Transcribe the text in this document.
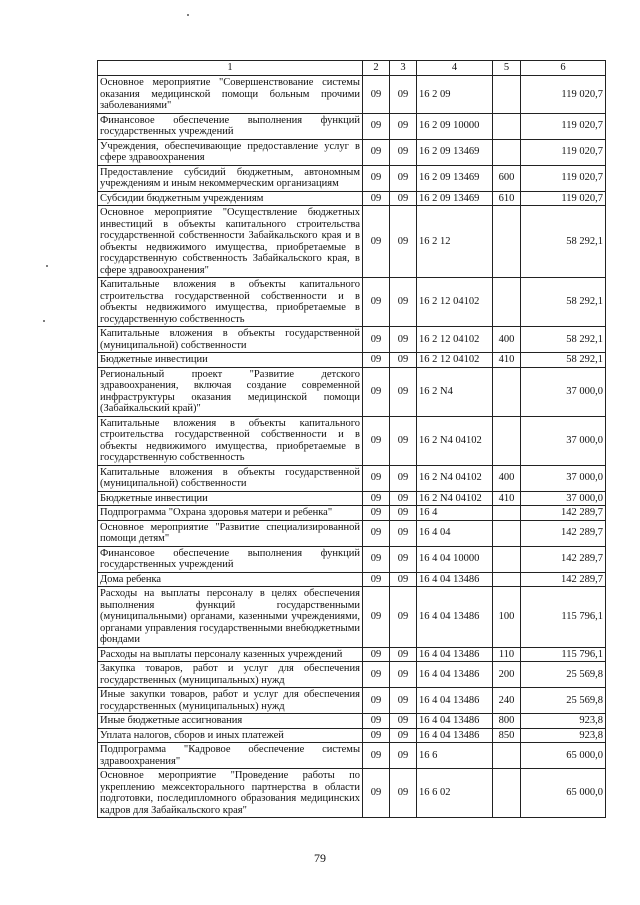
1	2	3	4	5	6
Основное мероприятие "Совершенствование системы оказания медицинской помощи больным прочими заболеваниями"	09	09	16 2 09		119 020,7
Финансовое обеспечение выполнения функций государственных учреждений	09	09	16 2 09 10000		119 020,7
Учреждения, обеспечивающие предоставление услуг в сфере здравоохранения	09	09	16 2 09 13469		119 020,7
Предоставление субсидий бюджетным, автономным учреждениям и иным некоммерческим организациям	09	09	16 2 09 13469	600	119 020,7
Субсидии бюджетным учреждениям	09	09	16 2 09 13469	610	119 020,7
Основное мероприятие "Осуществление бюджетных инвестиций в объекты капитального строительства государственной собственности Забайкальского края и в объекты недвижимого имущества, приобретаемые в государственную собственность Забайкальского края, в сфере здравоохранения"	09	09	16 2 12		58 292,1
Капитальные вложения в объекты капитального строительства государственной собственности и в объекты недвижимого имущества, приобретаемые в государственную собственность	09	09	16 2 12 04102		58 292,1
Капитальные вложения в объекты государственной (муниципальной) собственности	09	09	16 2 12 04102	400	58 292,1
Бюджетные инвестиции	09	09	16 2 12 04102	410	58 292,1
Региональный проект "Развитие детского здравоохранения, включая создание современной инфраструктуры оказания медицинской помощи (Забайкальский край)"	09	09	16 2 N4		37 000,0
Капитальные вложения в объекты капитального строительства государственной собственности и в объекты недвижимого имущества, приобретаемые в государственную собственность	09	09	16 2 N4 04102		37 000,0
Капитальные вложения в объекты государственной (муниципальной) собственности	09	09	16 2 N4 04102	400	37 000,0
Бюджетные инвестиции	09	09	16 2 N4 04102	410	37 000,0
Подпрограмма "Охрана здоровья матери и ребенка"	09	09	16 4		142 289,7
Основное мероприятие "Развитие специализированной помощи детям"	09	09	16 4 04		142 289,7
Финансовое обеспечение выполнения функций государственных учреждений	09	09	16 4 04 10000		142 289,7
Дома ребенка	09	09	16 4 04 13486		142 289,7
Расходы на выплаты персоналу в целях обеспечения выполнения функций государственными (муниципальными) органами, казенными учреждениями, органами управления государственными внебюджетными фондами	09	09	16 4 04 13486	100	115 796,1
Расходы на выплаты персоналу казенных учреждений	09	09	16 4 04 13486	110	115 796,1
Закупка товаров, работ и услуг для обеспечения государственных (муниципальных) нужд	09	09	16 4 04 13486	200	25 569,8
Иные закупки товаров, работ и услуг для обеспечения государственных (муниципальных) нужд	09	09	16 4 04 13486	240	25 569,8
Иные бюджетные ассигнования	09	09	16 4 04 13486	800	923,8
Уплата налогов, сборов и иных платежей	09	09	16 4 04 13486	850	923,8
Подпрограмма "Кадровое обеспечение системы здравоохранения"	09	09	16 6		65 000,0
Основное мероприятие "Проведение работы по укреплению межсекторального партнерства в области подготовки, последипломного образования медицинских кадров для Забайкальского края"	09	09	16 6 02		65 000,0
79
